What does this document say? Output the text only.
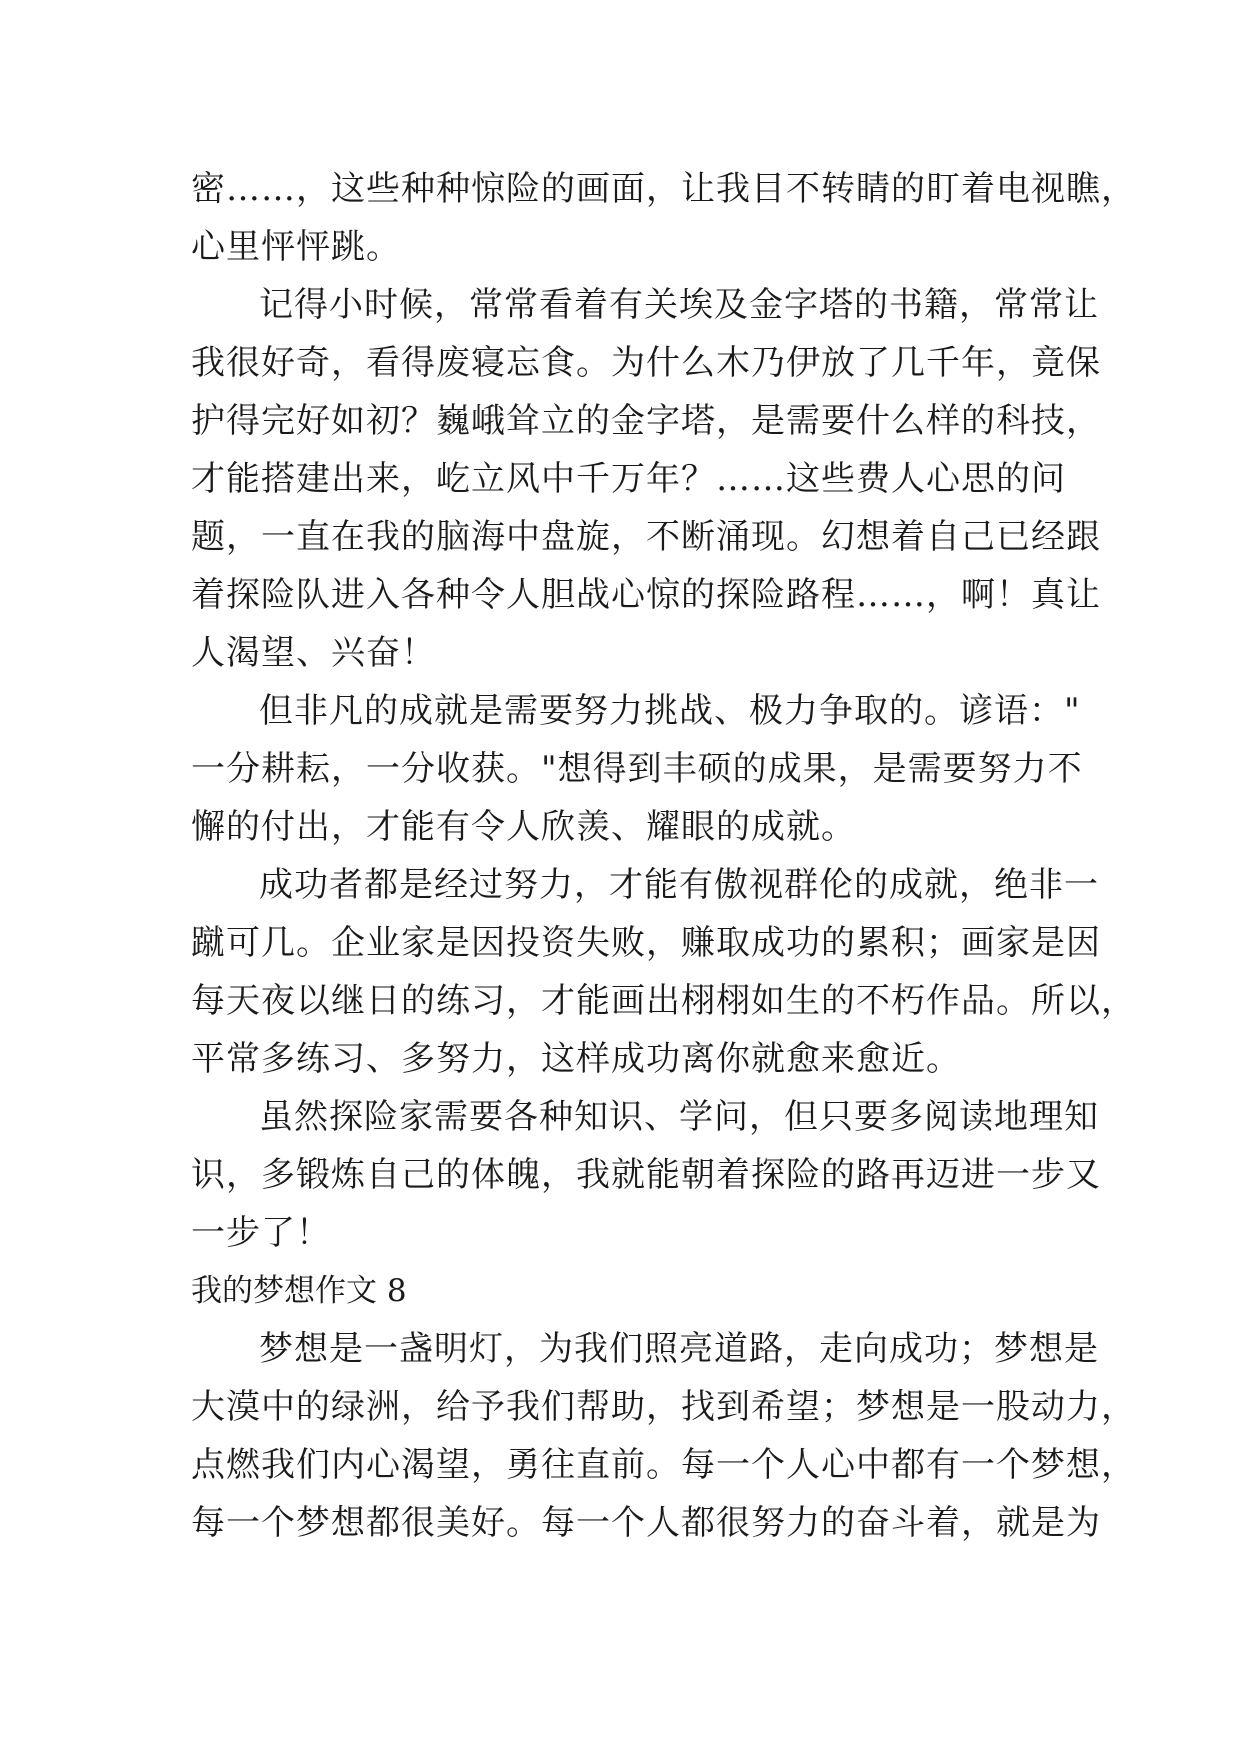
密……，这些种种惊险的画面，让我目不转睛的盯着电视瞧，
心里怦怦跳。
记得小时候，常常看着有关埃及金字塔的书籍，常常让
我很好奇，看得废寝忘食。为什么木乃伊放了几千年，竟保
护得完好如初？巍峨耸立的金字塔，是需要什么样的科技，
才能搭建出来，屹立风中千万年？……这些费人心思的问
题，一直在我的脑海中盘旋，不断涌现。幻想着自己已经跟
着探险队进入各种令人胆战心惊的探险路程……，啊！真让
人渴望、兴奋！
但非凡的成就是需要努力挑战、极力争取的。谚语："
一分耕耘，一分收获。"想得到丰硕的成果，是需要努力不
懈的付出，才能有令人欣羡、耀眼的成就。
成功者都是经过努力，才能有傲视群伦的成就，绝非一
蹴可几。企业家是因投资失败，赚取成功的累积；画家是因
每天夜以继日的练习，才能画出栩栩如生的不朽作品。所以，
平常多练习、多努力，这样成功离你就愈来愈近。
虽然探险家需要各种知识、学问，但只要多阅读地理知
识，多锻炼自己的体魄，我就能朝着探险的路再迈进一步又
一步了！
我的梦想作文 8
梦想是一盏明灯，为我们照亮道路，走向成功；梦想是
大漠中的绿洲，给予我们帮助，找到希望；梦想是一股动力，
点燃我们内心渴望，勇往直前。每一个人心中都有一个梦想，
每一个梦想都很美好。每一个人都很努力的奋斗着，就是为
